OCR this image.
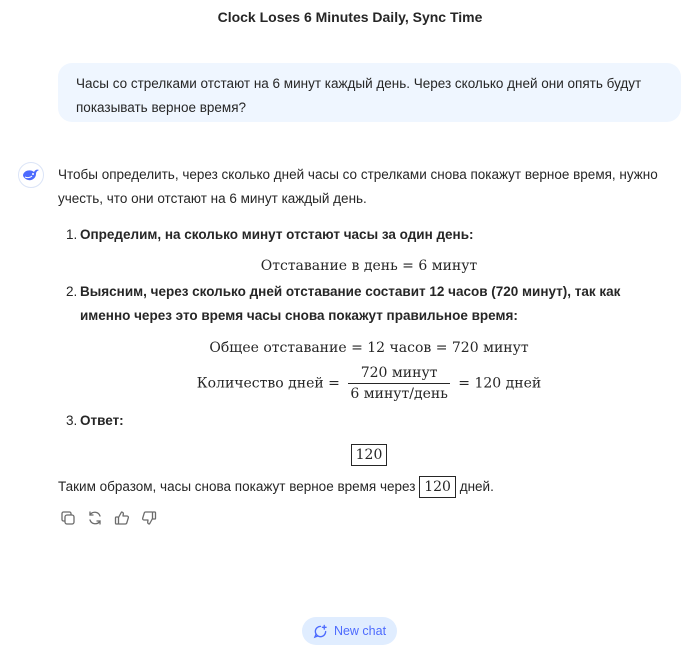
Clock Loses 6 Minutes Daily, Sync Time
Часы со стрелками отстают на 6 минут каждый день. Через сколько дней они опять будут показывать верное время?

Чтобы определить, через сколько дней часы со стрелками снова покажут верное время, нужно учесть, что они отстают на 6 минут каждый день.

1. Определим, на сколько минут отстают часы за один день:
Отставание в день = 6 минут
2. Выясним, через сколько дней отставание составит 12 часов (720 минут), так как именно через это время часы снова покажут правильное время:
Общее отставание = 12 часов = 720 минут
Количество дней = $\frac{\text{720 минут}}{\text{6 минут/день}} = 120$ дней
3. Ответ:
120

Таким образом, часы снова покажут верное время через 120 дней.

New chat
